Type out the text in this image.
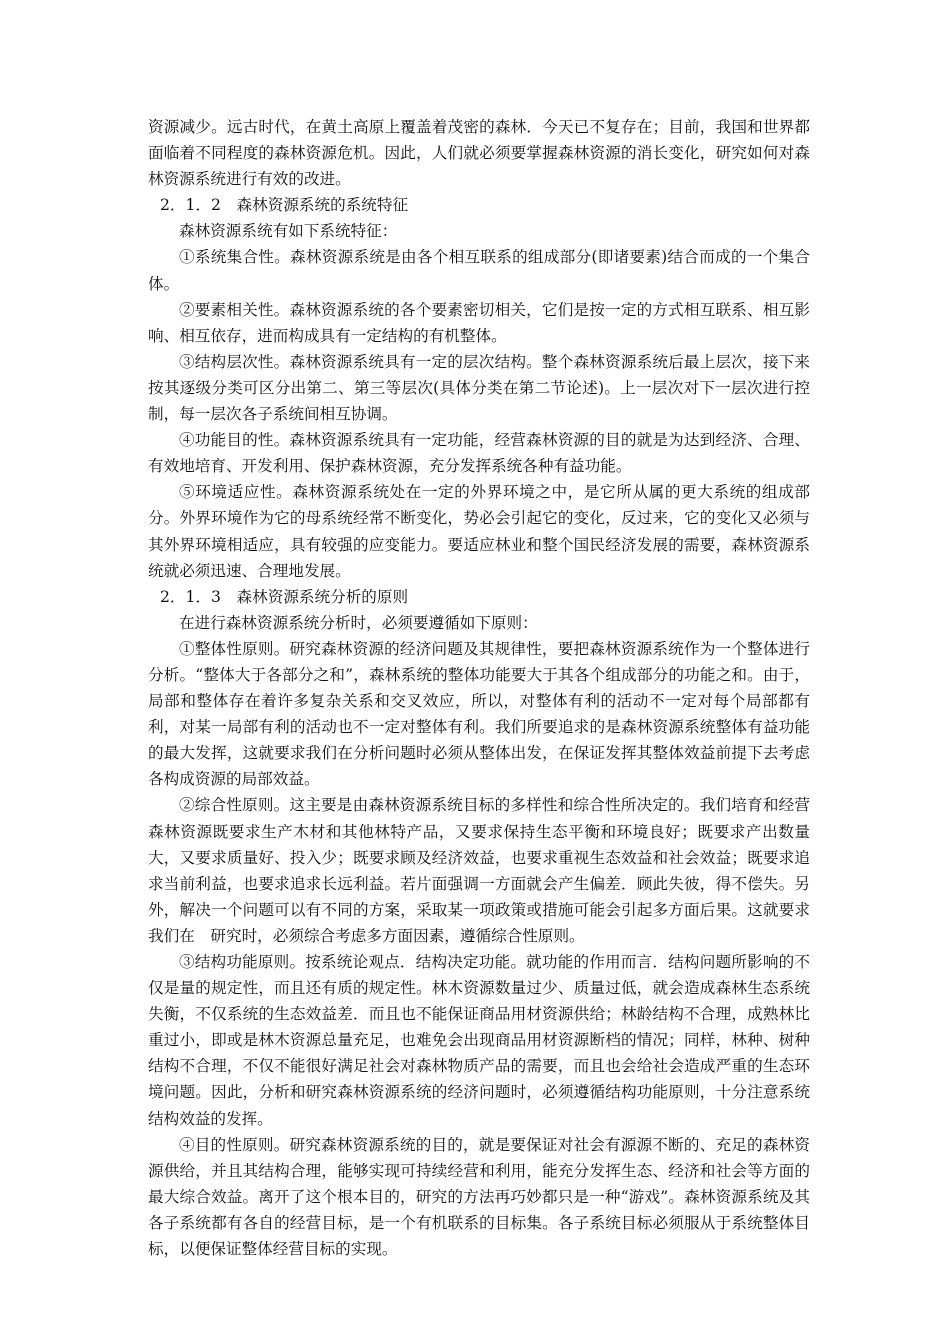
资源减少。远古时代，在黄土高原上覆盖着茂密的森林．今天已不复存在；目前，我国和世界都面临着不同程度的森林资源危机。因此，人们就必须要掌握森林资源的消长变化，研究如何对森林资源系统进行有效的改进。

2．1．2　森林资源系统的系统特征

森林资源系统有如下系统特征：

①系统集合性。森林资源系统是由各个相互联系的组成部分(即诸要素)结合而成的一个集合体。

②要素相关性。森林资源系统的各个要素密切相关，它们是按一定的方式相互联系、相互影响、相互依存，进而构成具有一定结构的有机整体。

③结构层次性。森林资源系统具有一定的层次结构。整个森林资源系统后最上层次，接下来按其逐级分类可区分出第二、第三等层次(具体分类在第二节论述)。上一层次对下一层次进行控制，每一层次各子系统间相互协调。

④功能目的性。森林资源系统具有一定功能，经营森林资源的目的就是为达到经济、合理、有效地培育、开发利用、保护森林资源，充分发挥系统各种有益功能。

⑤环境适应性。森林资源系统处在一定的外界环境之中，是它所从属的更大系统的组成部分。外界环境作为它的母系统经常不断变化，势必会引起它的变化，反过来，它的变化又必须与其外界环境相适应，具有较强的应变能力。要适应林业和整个国民经济发展的需要，森林资源系统就必须迅速、合理地发展。

2．1．3　森林资源系统分析的原则

在进行森林资源系统分析时，必须要遵循如下原则：

①整体性原则。研究森林资源的经济问题及其规律性，要把森林资源系统作为一个整体进行分析。“整体大于各部分之和”，森林系统的整体功能要大于其各个组成部分的功能之和。由于，局部和整体存在着许多复杂关系和交叉效应，所以，对整体有利的活动不一定对每个局部都有利，对某一局部有利的活动也不一定对整体有利。我们所要追求的是森林资源系统整体有益功能的最大发挥，这就要求我们在分析问题时必须从整体出发，在保证发挥其整体效益前提下去考虑各构成资源的局部效益。

②综合性原则。这主要是由森林资源系统目标的多样性和综合性所决定的。我们培育和经营森林资源既要求生产木材和其他林特产品，又要求保持生态平衡和环境良好；既要求产出数量大，又要求质量好、投入少；既要求顾及经济效益，也要求重视生态效益和社会效益；既要求追求当前利益，也要求追求长远利益。若片面强调一方面就会产生偏差．顾此失彼，得不偿失。另外，解决一个问题可以有不同的方案，采取某一项政策或措施可能会引起多方面后果。这就要求我们在　研究时，必须综合考虑多方面因素，遵循综合性原则。

③结构功能原则。按系统论观点．结构决定功能。就功能的作用而言．结构问题所影响的不仅是量的规定性，而且还有质的规定性。林木资源数量过少、质量过低，就会造成森林生态系统失衡，不仅系统的生态效益差．而且也不能保证商品用材资源供给；林龄结构不合理，成熟林比重过小，即或是林木资源总量充足，也难免会出现商品用材资源断档的情况；同样，林种、树种结构不合理，不仅不能很好满足社会对森林物质产品的需要，而且也会给社会造成严重的生态环境问题。因此，分析和研究森林资源系统的经济问题时，必须遵循结构功能原则，十分注意系统结构效益的发挥。

④目的性原则。研究森林资源系统的目的，就是要保证对社会有源源不断的、充足的森林资源供给，并且其结构合理，能够实现可持续经营和利用，能充分发挥生态、经济和社会等方面的最大综合效益。离开了这个根本目的，研究的方法再巧妙都只是一种“游戏”。森林资源系统及其各子系统都有各自的经营目标，是一个有机联系的目标集。各子系统目标必须服从于系统整体目标，以便保证整体经营目标的实现。
